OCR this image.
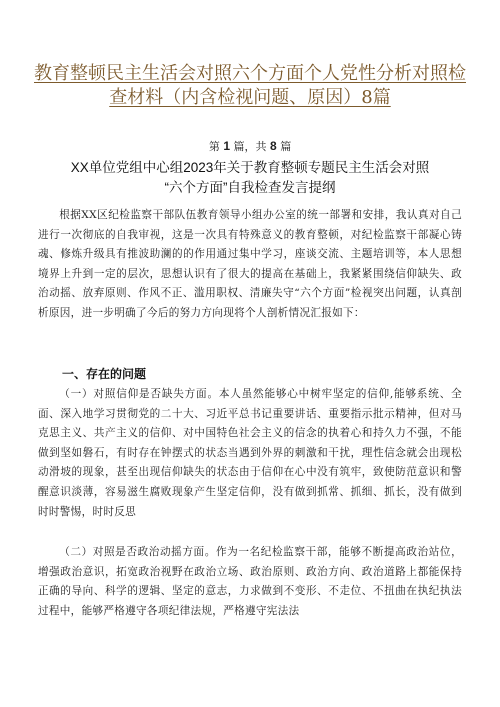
教育整顿民主生活会对照六个方面个人党性分析对照检查材料（内含检视问题、原因）8篇
第 1 篇，共 8 篇
XX单位党组中心组2023年关于教育整顿专题民主生活会对照
“六个方面”自我检查发言提纲

根据XX区纪检监察干部队伍教育领导小组办公室的统一部署和安排，我认真对自己进行一次彻底的自我审视，这是一次具有特殊意义的教育整顿，对纪检监察干部凝心铸魂、修炼升级具有推波助澜的的作用通过集中学习，座谈交流、主题培训等，本人思想境界上升到一定的层次，思想认识有了很大的提高在基础上，我紧紧围绕信仰缺失、政治动摇、放弃原则、作风不正、滥用职权、清廉失守“六个方面”检视突出问题，认真剖析原因，进一步明确了今后的努力方向现将个人剖析情况汇报如下：

一、存在的问题

（一）对照信仰是否缺失方面。本人虽然能够心中树牢坚定的信仰,能够系统、全面、深入地学习贯彻党的二十大、习近平总书记重要讲话、重要指示批示精神，但对马克思主义、共产主义的信仰、对中国特色社会主义的信念的执着心和持久力不强，不能做到坚如磐石，有时存在钟摆式的状态当遇到外界的刺激和干扰，理性信念就会出现松动滑坡的现象，甚至出现信仰缺失的状态由于信仰在心中没有筑牢，致使防范意识和警醒意识淡薄，容易滋生腐败现象产生坚定信仰，没有做到抓常、抓细、抓长，没有做到时时警惕，时时反思

（二）对照是否政治动摇方面。作为一名纪检监察干部，能够不断提高政治站位，增强政治意识，拓宽政治视野在政治立场、政治原则、政治方向、政治道路上都能保持正确的导向、科学的逻辑、坚定的意志，力求做到不变形、不走位、不扭曲在执纪执法过程中，能够严格遵守各项纪律法规，严格遵守宪法法
